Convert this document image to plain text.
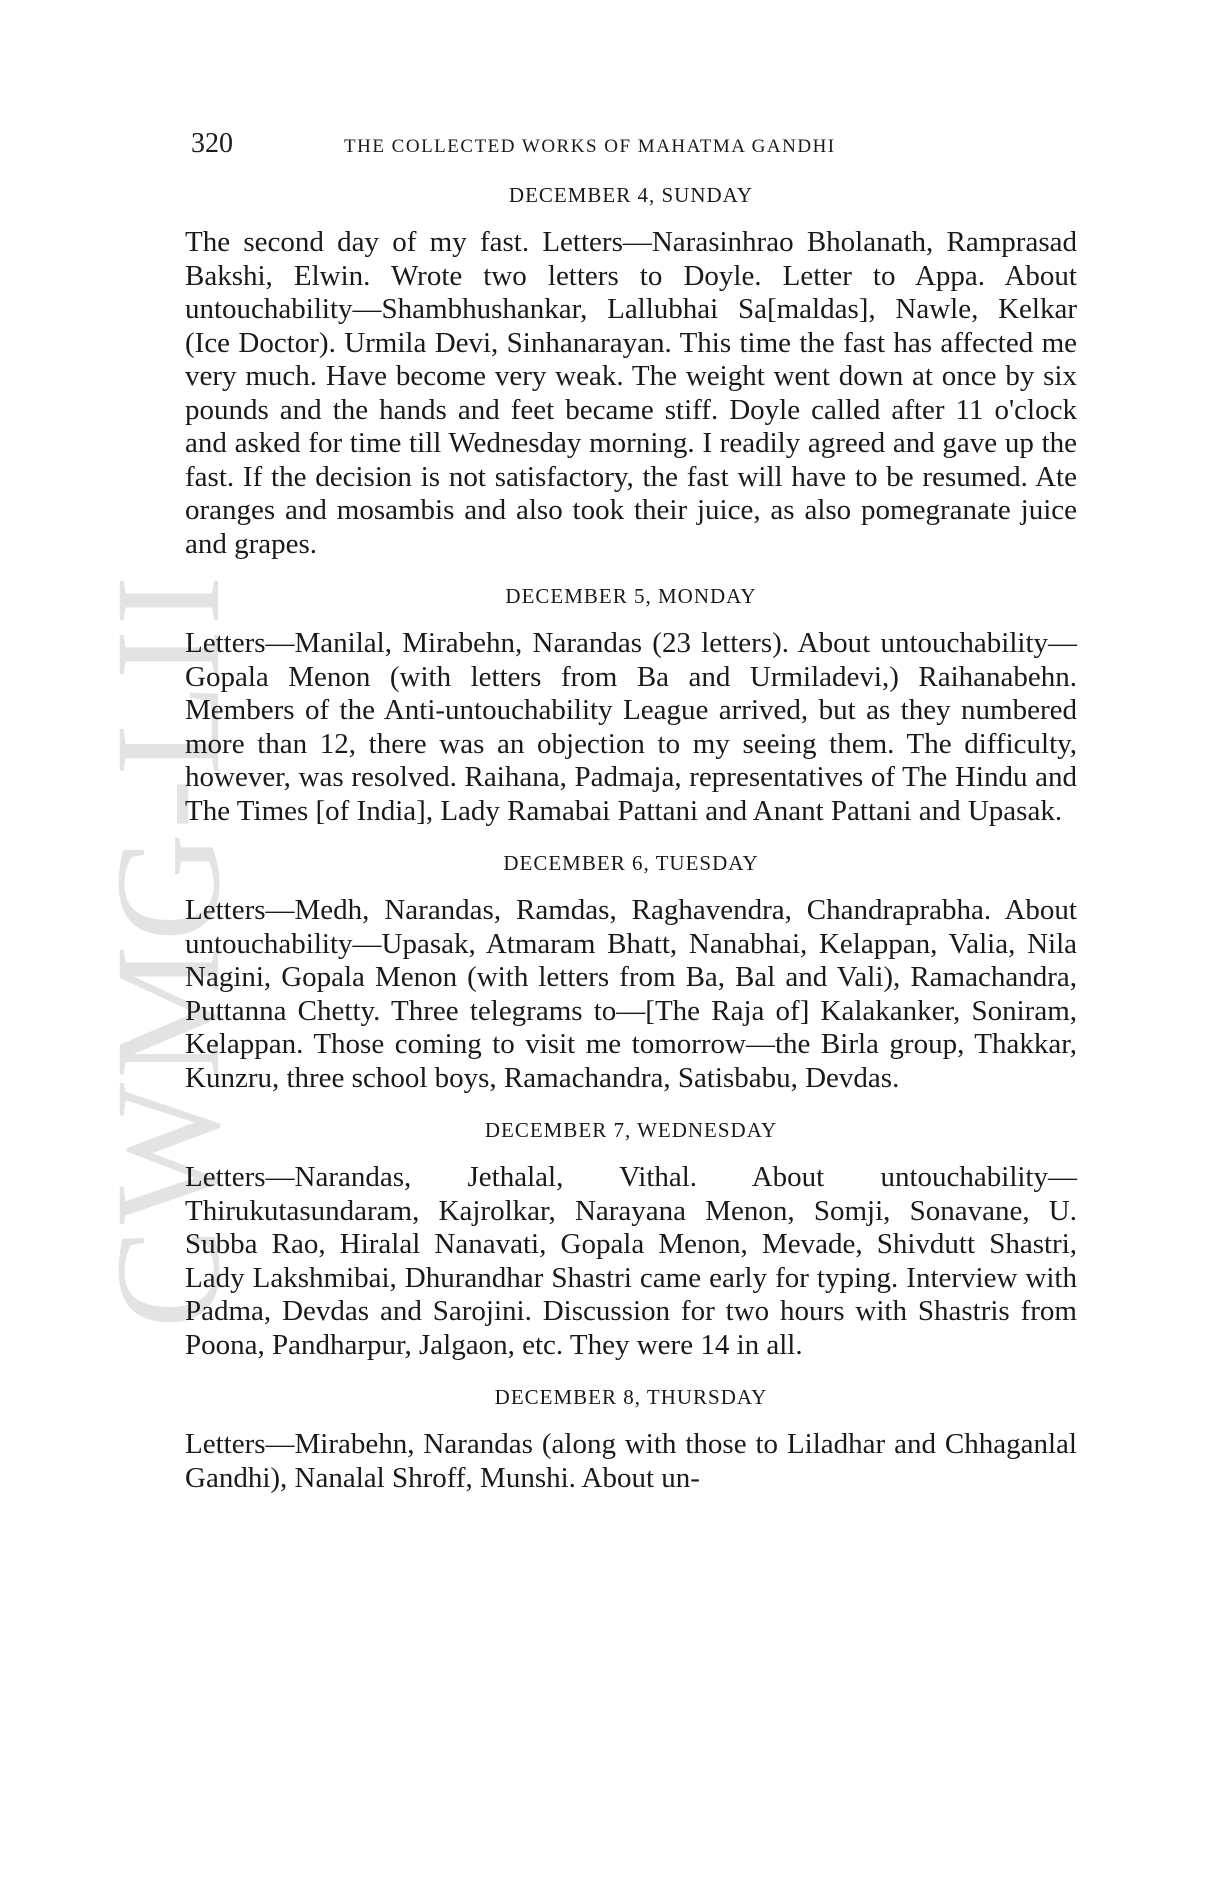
CWMG-LII
320	THE COLLECTED WORKS OF MAHATMA GANDHI
DECEMBER 4, SUNDAY

The second day of my fast. Letters—Narasinhrao Bholanath, Ramprasad Bakshi, Elwin. Wrote two letters to Doyle. Letter to Appa. About untouchability—Shambhushankar, Lallubhai Sa[maldas], Nawle, Kelkar (Ice Doctor). Urmila Devi, Sinhanarayan. This time the fast has affected me very much. Have become very weak. The weight went down at once by six pounds and the hands and feet became stiff. Doyle called after 11 o'clock and asked for time till Wednesday morning. I readily agreed and gave up the fast. If the decision is not satisfactory, the fast will have to be resumed. Ate oranges and mosambis and also took their juice, as also pomegranate juice and grapes.

DECEMBER 5, MONDAY

Letters—Manilal, Mirabehn, Narandas (23 letters). About untouchability—Gopala Menon (with letters from Ba and Urmiladevi,) Raihanabehn. Members of the Anti-untouchability League arrived, but as they numbered more than 12, there was an objection to my seeing them. The difficulty, however, was resolved. Raihana, Padmaja, representatives of The Hindu and The Times [of India], Lady Ramabai Pattani and Anant Pattani and Upasak.

DECEMBER 6, TUESDAY

Letters—Medh, Narandas, Ramdas, Raghavendra, Chandraprabha. About untouchability—Upasak, Atmaram Bhatt, Nanabhai, Kelappan, Valia, Nila Nagini, Gopala Menon (with letters from Ba, Bal and Vali), Ramachandra, Puttanna Chetty. Three telegrams to—[The Raja of] Kalakanker, Soniram, Kelappan. Those coming to visit me tomorrow—the Birla group, Thakkar, Kunzru, three school boys, Ramachandra, Satisbabu, Devdas.

DECEMBER 7, WEDNESDAY

Letters—Narandas, Jethalal, Vithal. About untouchability—Thirukutasundaram, Kajrolkar, Narayana Menon, Somji, Sonavane, U. Subba Rao, Hiralal Nanavati, Gopala Menon, Mevade, Shivdutt Shastri, Lady Lakshmibai, Dhurandhar Shastri came early for typing. Interview with Padma, Devdas and Sarojini. Discussion for two hours with Shastris from Poona, Pandharpur, Jalgaon, etc. They were 14 in all.

DECEMBER 8, THURSDAY

Letters—Mirabehn, Narandas (along with those to Liladhar and Chhaganlal Gandhi), Nanalal Shroff, Munshi. About un-
